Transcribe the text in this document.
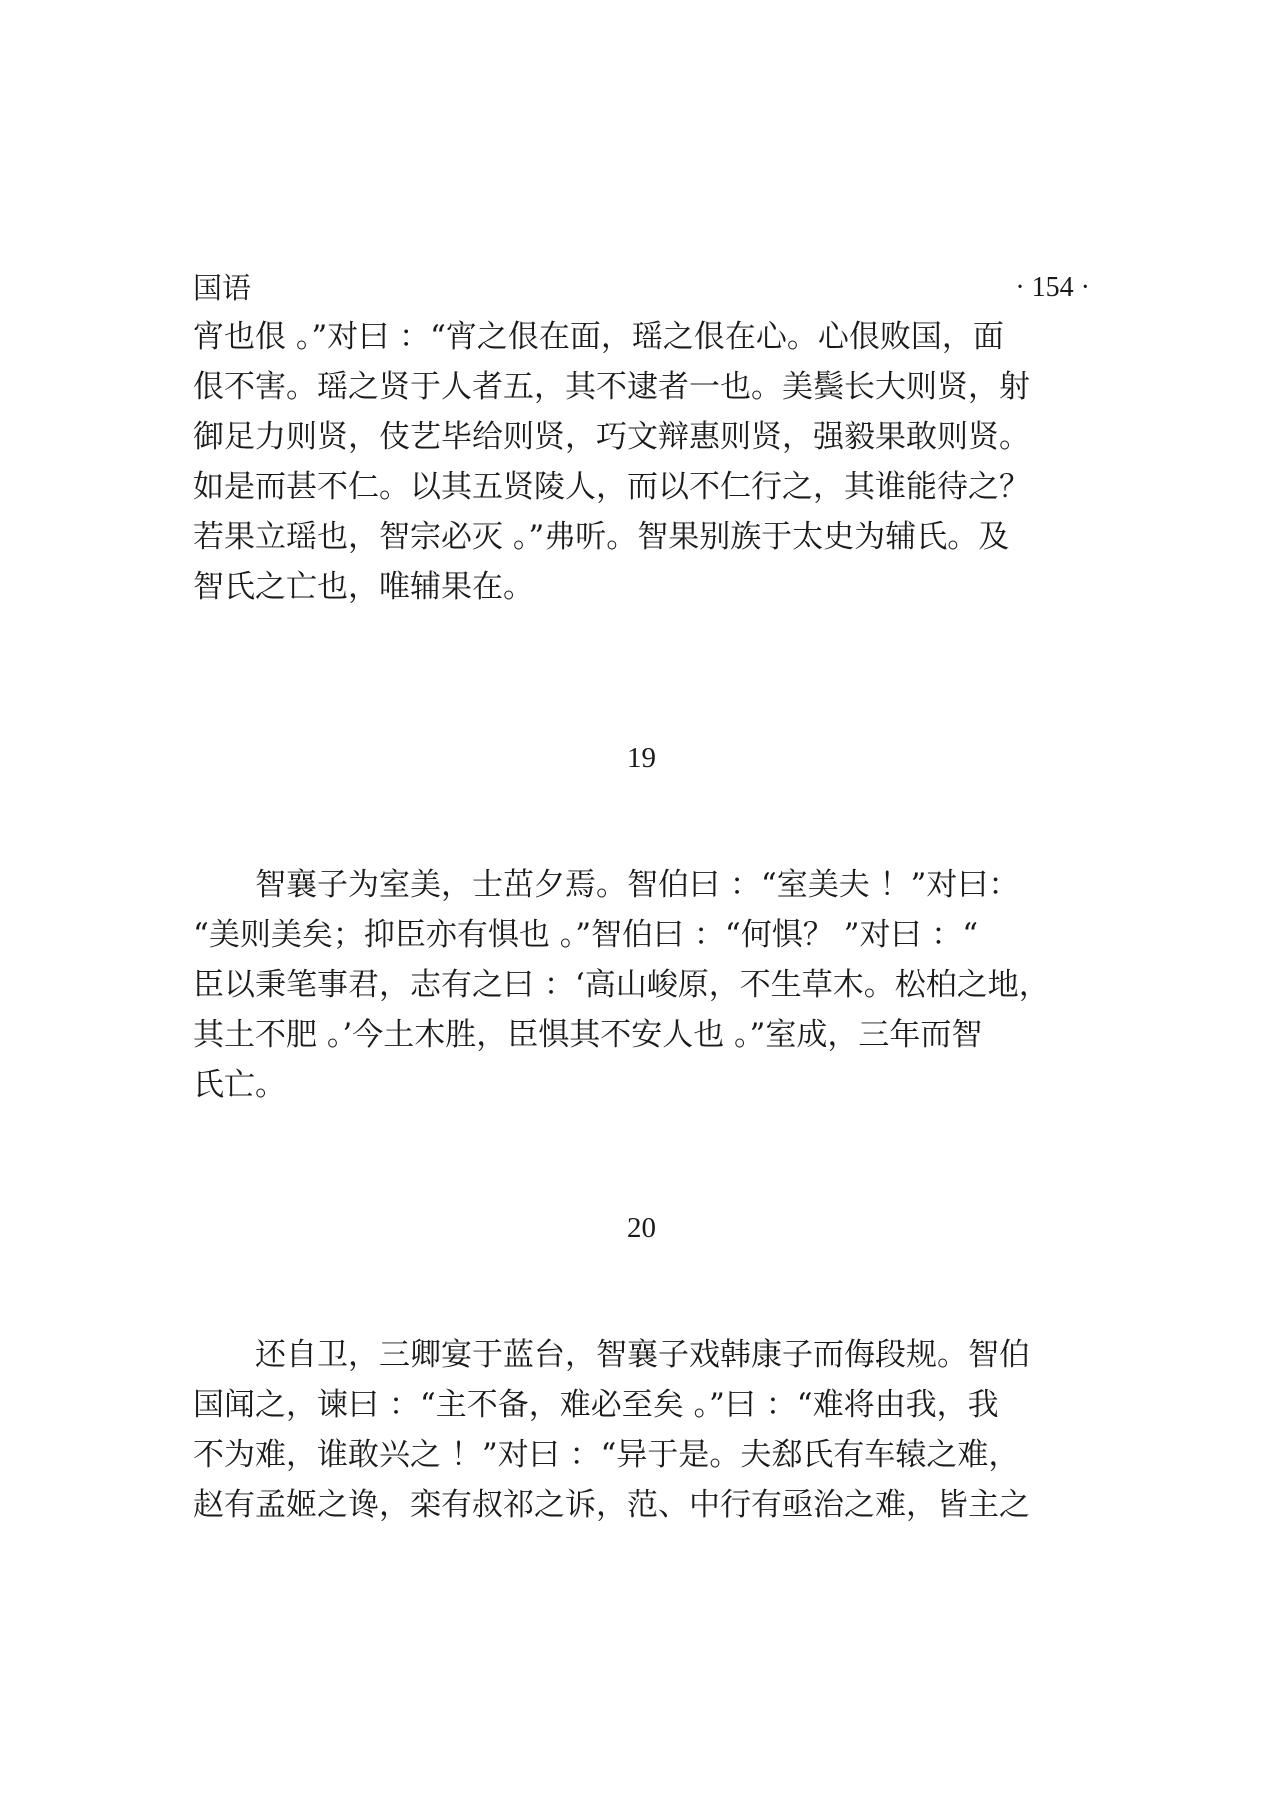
国语	· 154 ·
宵也佷 。”对曰 ：“宵之佷在面，瑶之佷在心。心佷败国，面
佷不害。瑶之贤于人者五，其不逮者一也。美鬓长大则贤，射
御足力则贤，伎艺毕给则贤，巧文辩惠则贤，强毅果敢则贤。
如是而甚不仁。以其五贤陵人，而以不仁行之，其谁能待之？
若果立瑶也，智宗必灭 。”弗听。智果别族于太史为辅氏。及
智氏之亡也，唯辅果在。
19
智襄子为室美，士茁夕焉。智伯曰 ：“室美夫 ！”对曰：
“美则美矣；抑臣亦有惧也 。”智伯曰 ：“何惧？ ”对曰 ：“
臣以秉笔事君，志有之曰 ：‘高山峻原，不生草木。松柏之地，
其土不肥 。’今土木胜，臣惧其不安人也 。”室成，三年而智
氏亡。
20
还自卫，三卿宴于蓝台，智襄子戏韩康子而侮段规。智伯
国闻之，谏曰 ：“主不备，难必至矣 。”曰 ：“难将由我，我
不为难，谁敢兴之 ！”对曰 ：“异于是。夫郄氏有车辕之难，
赵有孟姬之谗，栾有叔祁之诉，范、中行有亟治之难，皆主之
